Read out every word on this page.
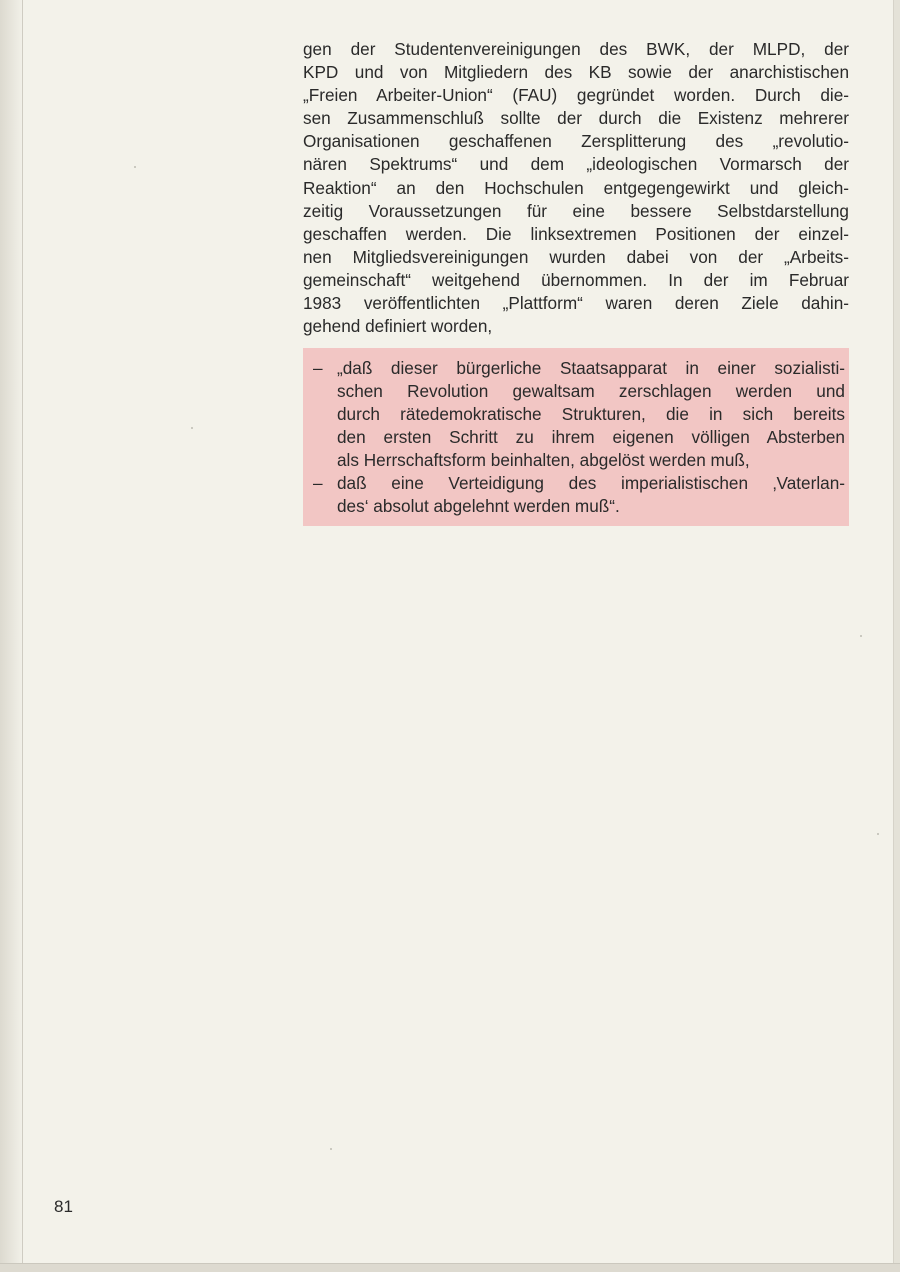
gen der Studentenvereinigungen des BWK, der MLPD, der
KPD und von Mitgliedern des KB sowie der anarchistischen
„Freien Arbeiter-Union“ (FAU) gegründet worden. Durch die-
sen Zusammenschluß sollte der durch die Existenz mehrerer
Organisationen geschaffenen Zersplitterung des „revolutio-
nären Spektrums“ und dem „ideologischen Vormarsch der
Reaktion“ an den Hochschulen entgegengewirkt und gleich-
zeitig Voraussetzungen für eine bessere Selbstdarstellung
geschaffen werden. Die linksextremen Positionen der einzel-
nen Mitgliedsvereinigungen wurden dabei von der „Arbeits-
gemeinschaft“ weitgehend übernommen. In der im Februar
1983 veröffentlichten „Plattform“ waren deren Ziele dahin-
gehend definiert worden,
– „daß dieser bürgerliche Staatsapparat in einer sozialisti-
schen Revolution gewaltsam zerschlagen werden und
durch rätedemokratische Strukturen, die in sich bereits
den ersten Schritt zu ihrem eigenen völligen Absterben
als Herrschaftsform beinhalten, abgelöst werden muß,
– daß eine Verteidigung des imperialistischen ‚Vaterlan-
des‘ absolut abgelehnt werden muß“.
81
